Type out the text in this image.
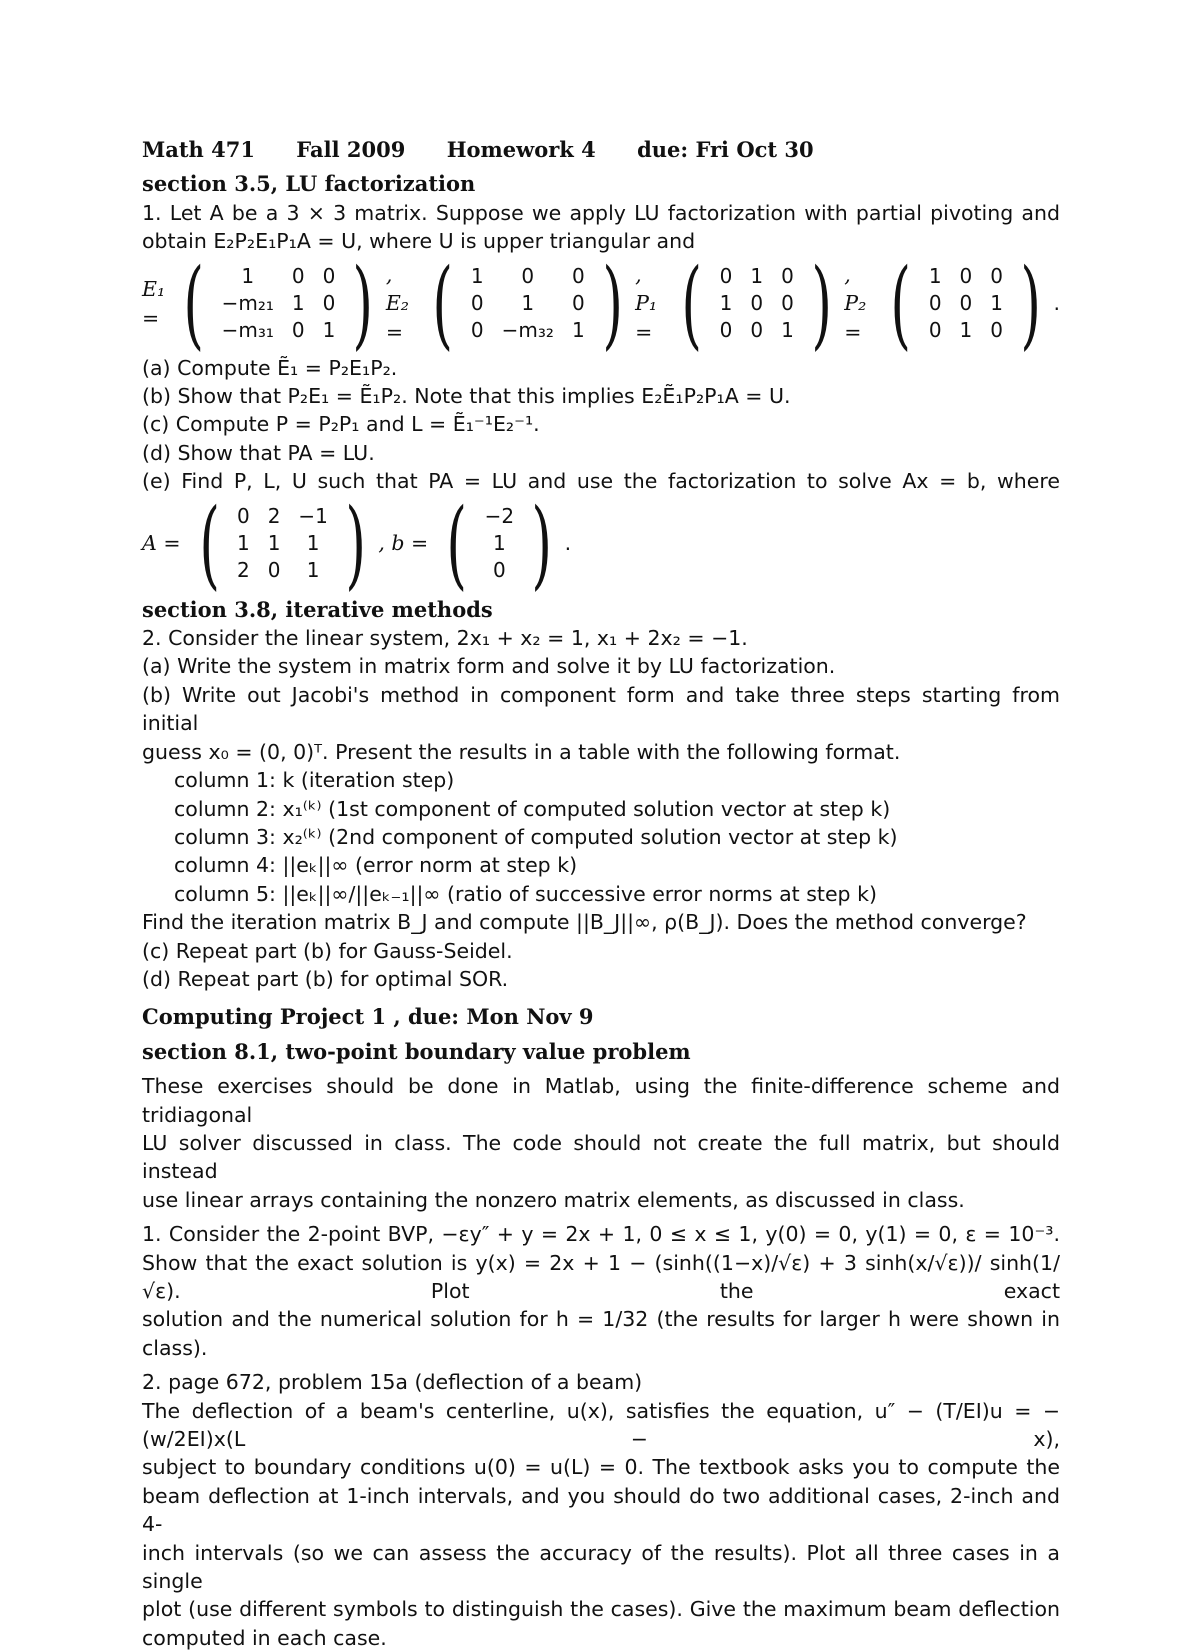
Math 471 Fall 2009 Homework 4 due: Fri Oct 30
section 3.5, LU factorization
1. Let A be a 3 × 3 matrix. Suppose we apply LU factorization with partial pivoting and
obtain E₂P₂E₁P₁A = U, where U is upper triangular and
E₁ = ( 1	0	0
−m₂₁	1	0
−m₃₁	0	1 ) , E₂ = ( 1	0	0
0	1	0
0	−m₃₂	1 ) , P₁ = ( 0	1	0
1	0	0
0	0	1 ) , P₂ = ( 1	0	0
0	0	1
0	1	0 ) .
(a) Compute Ẽ₁ = P₂E₁P₂.
(b) Show that P₂E₁ = Ẽ₁P₂. Note that this implies E₂Ẽ₁P₂P₁A = U.
(c) Compute P = P₂P₁ and L = Ẽ₁⁻¹E₂⁻¹.
(d) Show that PA = LU.
(e) Find P, L, U such that PA = LU and use the factorization to solve Ax = b, where
A = ( 0	2	−1
1	1	1
2	0	1 ) , b = ( −2
1
0 ) .
section 3.8, iterative methods
2. Consider the linear system, 2x₁ + x₂ = 1, x₁ + 2x₂ = −1.
(a) Write the system in matrix form and solve it by LU factorization.
(b) Write out Jacobi's method in component form and take three steps starting from initial
guess x₀ = (0, 0)ᵀ. Present the results in a table with the following format.
column 1: k (iteration step)
column 2: x₁⁽ᵏ⁾ (1st component of computed solution vector at step k)
column 3: x₂⁽ᵏ⁾ (2nd component of computed solution vector at step k)
column 4: ||eₖ||∞ (error norm at step k)
column 5: ||eₖ||∞/||eₖ₋₁||∞ (ratio of successive error norms at step k)
Find the iteration matrix B_J and compute ||B_J||∞, ρ(B_J). Does the method converge?
(c) Repeat part (b) for Gauss-Seidel.
(d) Repeat part (b) for optimal SOR.
Computing Project 1 , due: Mon Nov 9
section 8.1, two-point boundary value problem
These exercises should be done in Matlab, using the finite-difference scheme and tridiagonal
LU solver discussed in class. The code should not create the full matrix, but should instead
use linear arrays containing the nonzero matrix elements, as discussed in class.
1. Consider the 2-point BVP, −εy″ + y = 2x + 1, 0 ≤ x ≤ 1, y(0) = 0, y(1) = 0, ε = 10⁻³.
Show that the exact solution is y(x) = 2x + 1 − (sinh((1−x)/√ε) + 3 sinh(x/√ε))/ sinh(1/√ε). Plot the exact
solution and the numerical solution for h = 1/32 (the results for larger h were shown in class).
2. page 672, problem 15a (deflection of a beam)
The deflection of a beam's centerline, u(x), satisfies the equation, u″ − (T/EI)u = −(w/2EI)x(L − x),
subject to boundary conditions u(0) = u(L) = 0. The textbook asks you to compute the
beam deflection at 1-inch intervals, and you should do two additional cases, 2-inch and 4-
inch intervals (so we can assess the accuracy of the results). Plot all three cases in a single
plot (use different symbols to distinguish the cases). Give the maximum beam deflection
computed in each case.
